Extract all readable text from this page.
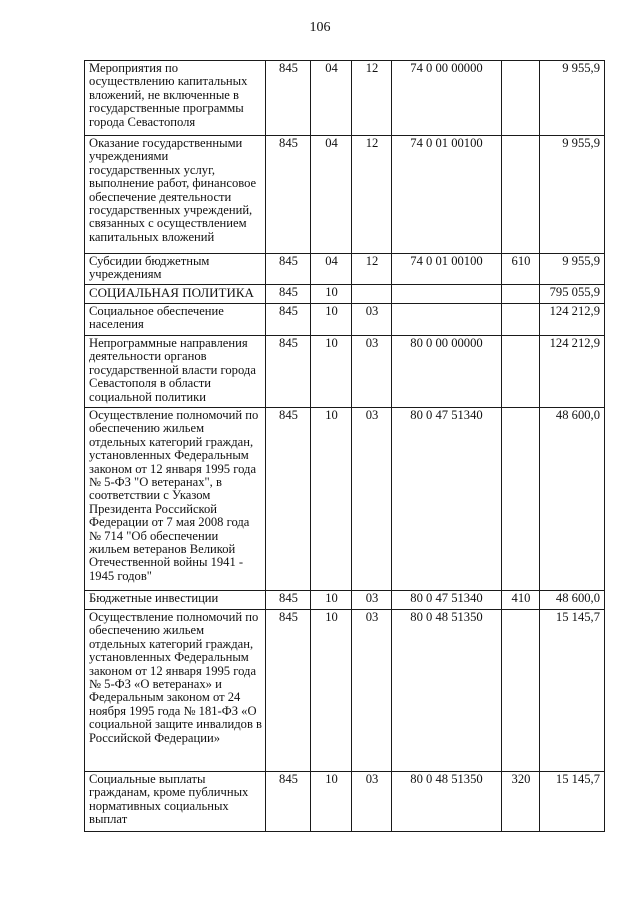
106
Мероприятия по осуществлению капитальных вложений, не включенные в государственные программы города Севастополя	845	04	12	74 0 00 00000		9 955,9
Оказание государственными учреждениями государственных услуг, выполнение работ, финансовое обеспечение деятельности государственных учреждений, связанных с осуществлением капитальных вложений	845	04	12	74 0 01 00100		9 955,9
Субсидии бюджетным учреждениям	845	04	12	74 0 01 00100	610	9 955,9
СОЦИАЛЬНАЯ ПОЛИТИКА	845	10				795 055,9
Социальное обеспечение населения	845	10	03			124 212,9
Непрограммные направления деятельности органов государственной власти города Севастополя в области социальной политики	845	10	03	80 0 00 00000		124 212,9
Осуществление полномочий по обеспечению жильем отдельных категорий граждан, установленных Федеральным законом от 12 января 1995 года № 5-ФЗ "О ветеранах", в соответствии с Указом Президента Российской Федерации от 7 мая 2008 года № 714 "Об обеспечении жильем ветеранов Великой Отечественной войны 1941 - 1945 годов"	845	10	03	80 0 47 51340		48 600,0
Бюджетные инвестиции	845	10	03	80 0 47 51340	410	48 600,0
Осуществление полномочий по обеспечению жильем отдельных категорий граждан, установленных Федеральным законом от 12 января 1995 года № 5-ФЗ «О ветеранах» и Федеральным законом от 24 ноября 1995 года № 181-ФЗ «О социальной защите инвалидов в Российской Федерации»	845	10	03	80 0 48 51350		15 145,7
Социальные выплаты гражданам, кроме публичных нормативных социальных выплат	845	10	03	80 0 48 51350	320	15 145,7
